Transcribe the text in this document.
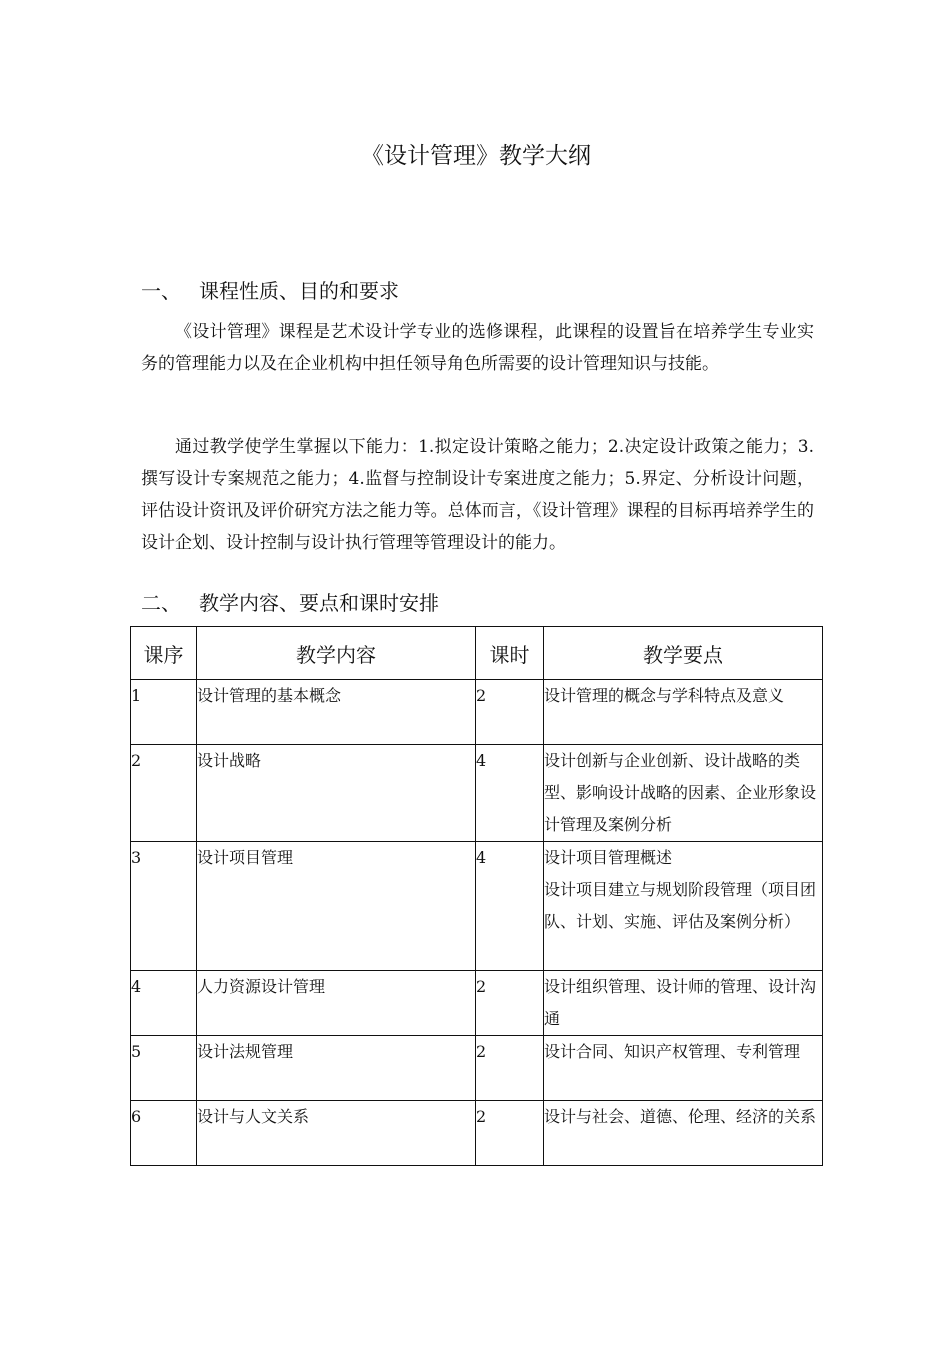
《设计管理》教学大纲
一、 课程性质、目的和要求

《设计管理》课程是艺术设计学专业的选修课程，此课程的设置旨在培养学生专业实务的管理能力以及在企业机构中担任领导角色所需要的设计管理知识与技能。

通过教学使学生掌握以下能力：1.拟定设计策略之能力；2.决定设计政策之能力；3.撰写设计专案规范之能力；4.监督与控制设计专案进度之能力；5.界定、分析设计问题，评估设计资讯及评价研究方法之能力等。总体而言，《设计管理》课程的目标再培养学生的设计企划、设计控制与设计执行管理等管理设计的能力。

二、 教学内容、要点和课时安排
课序	教学内容	课时	教学要点
1	设计管理的基本概念	2	设计管理的概念与学科特点及意义

2	设计战略	4	设计创新与企业创新、设计战略的类型、影响设计战略的因素、企业形象设计管理及案例分析

3	设计项目管理	4	设计项目管理概述
设计项目建立与规划阶段管理（项目团队、计划、实施、评估及案例分析）

4	人力资源设计管理	2	设计组织管理、设计师的管理、设计沟通

5	设计法规管理	2	设计合同、知识产权管理、专利管理

6	设计与人文关系	2	设计与社会、道德、伦理、经济的关系
